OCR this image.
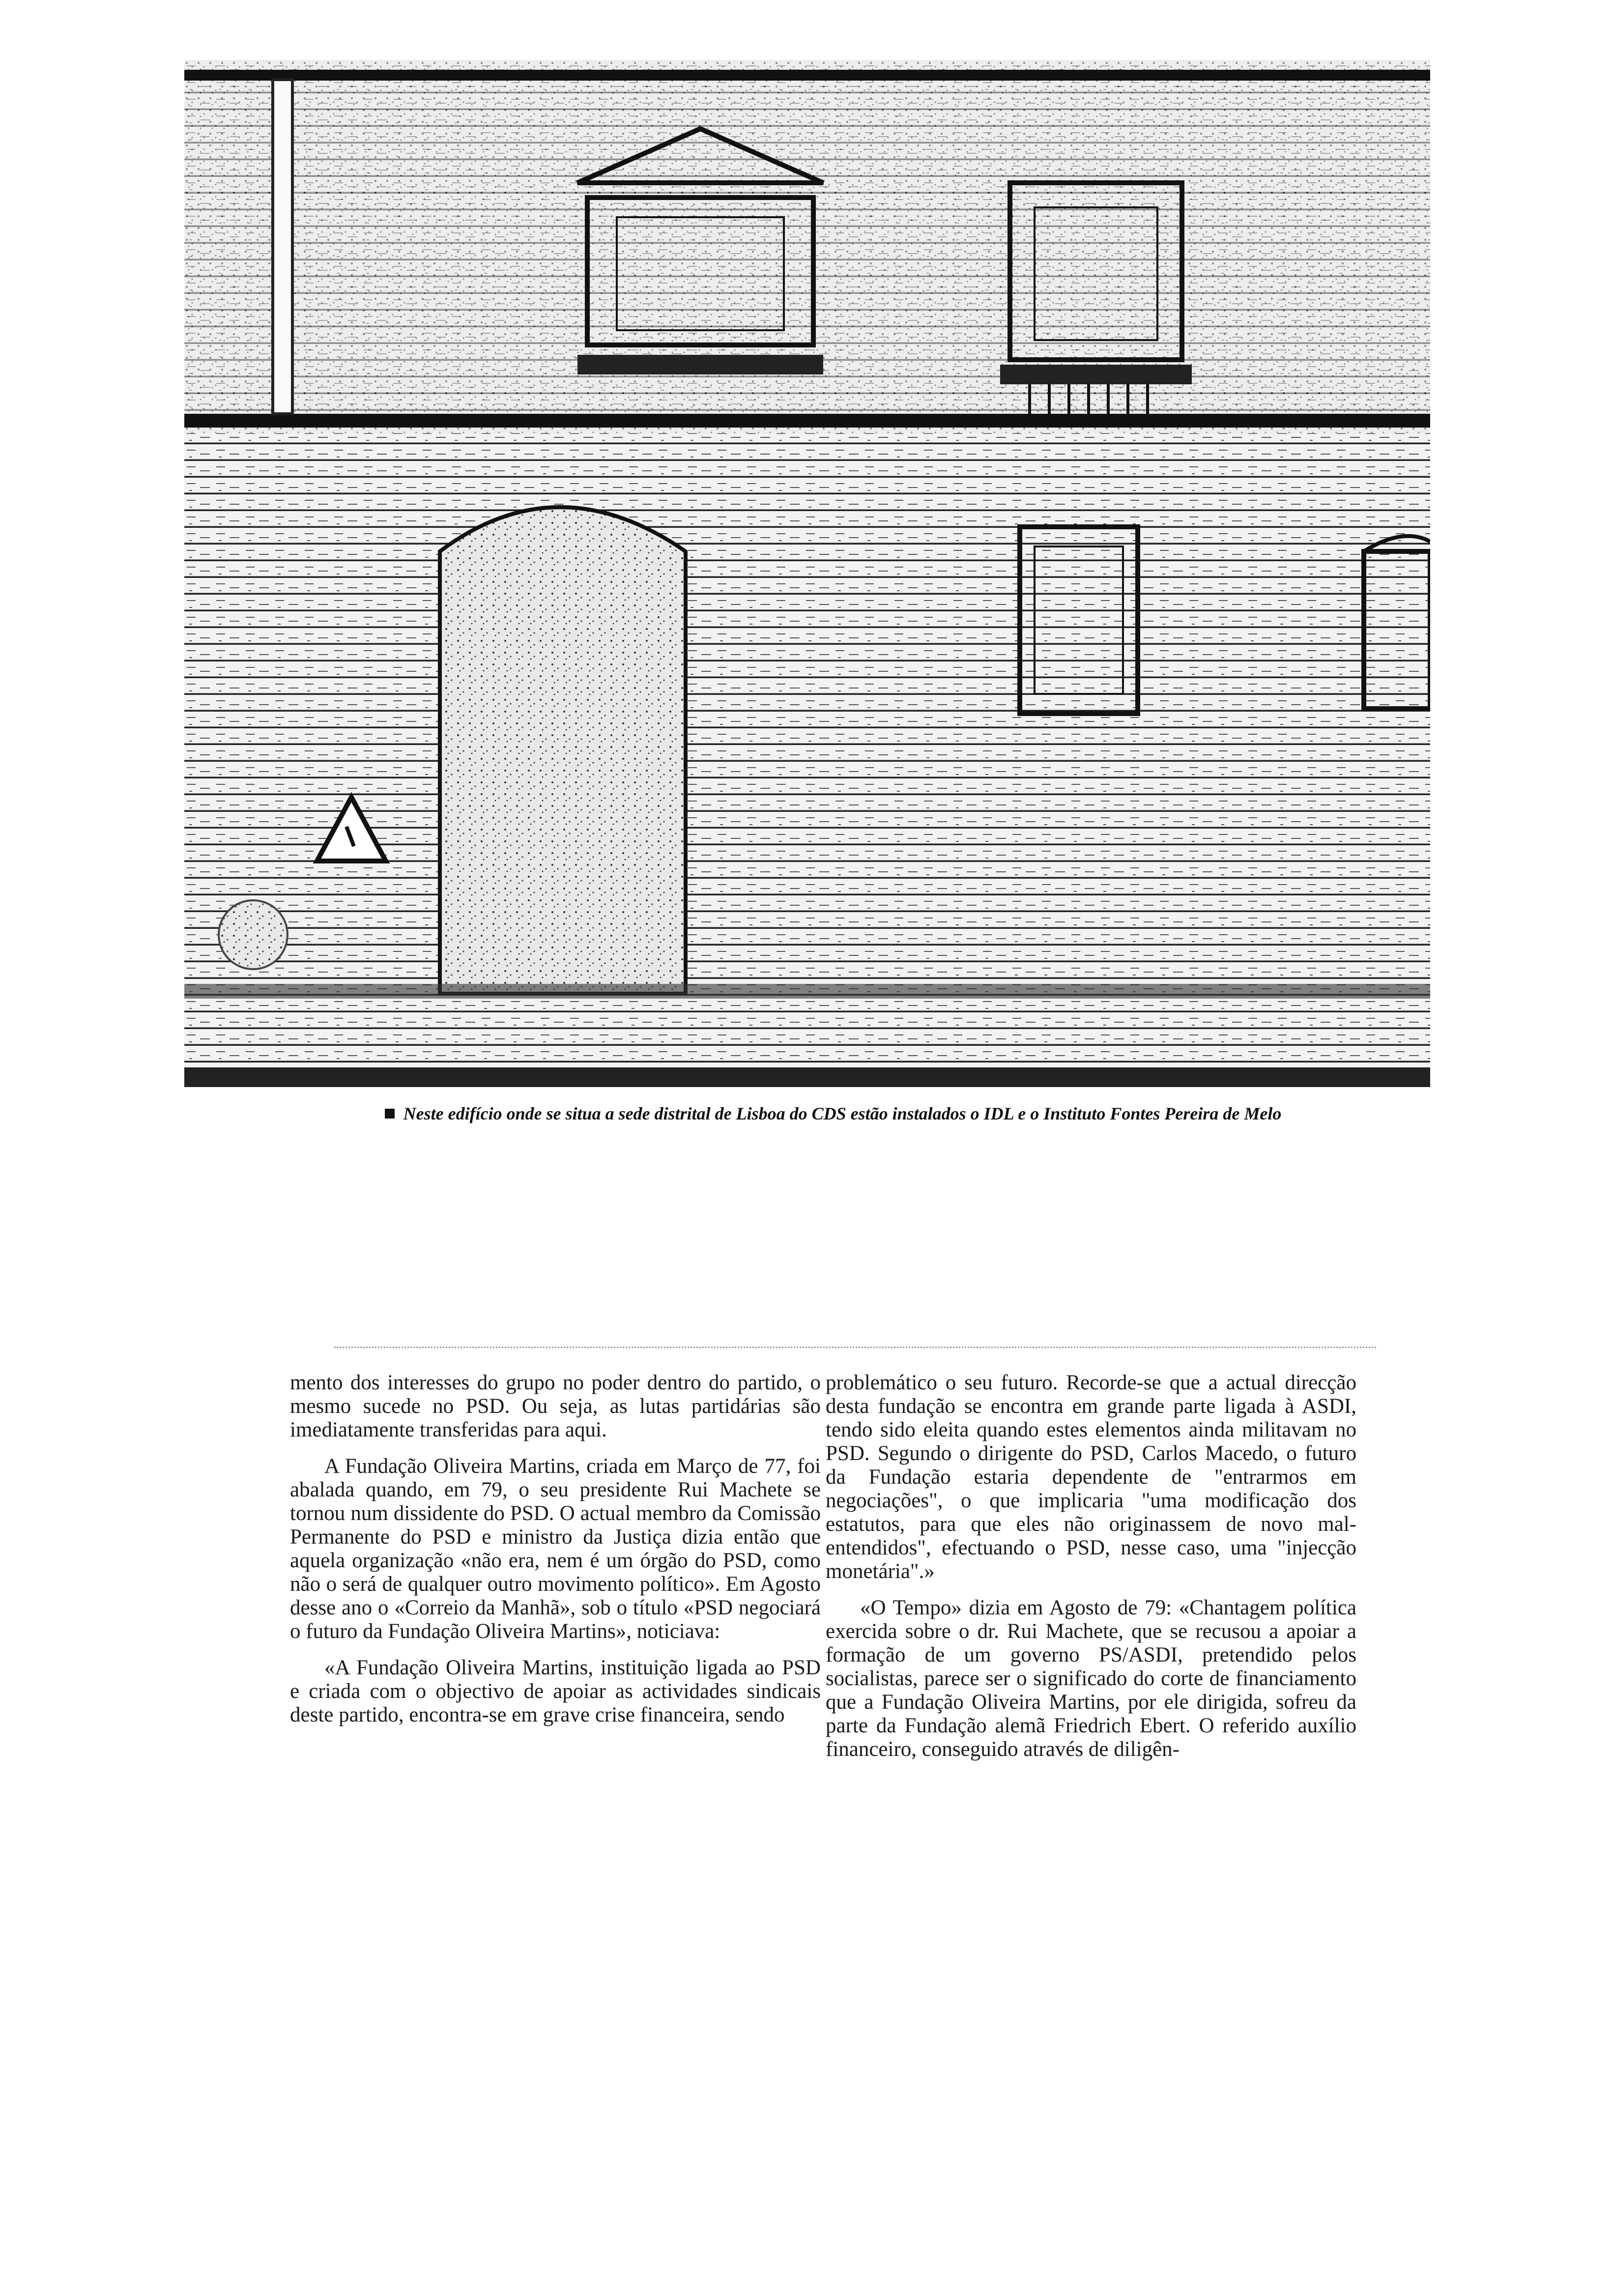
Neste edifício onde se situa a sede distrital de Lisboa do CDS estão instalados o IDL e o Instituto Fontes Pereira de Melo

mento dos interesses do grupo no poder dentro do partido, o mesmo sucede no PSD. Ou seja, as lutas partidárias são imediatamente transferidas para aqui.

A Fundação Oliveira Martins, criada em Março de 77, foi abalada quando, em 79, o seu presidente Rui Machete se tornou num dissidente do PSD. O actual membro da Comissão Permanente do PSD e ministro da Justiça dizia então que aquela organização «não era, nem é um órgão do PSD, como não o será de qualquer outro movimento político». Em Agosto desse ano o «Correio da Manhã», sob o título «PSD negociará o futuro da Fundação Oliveira Martins», noticiava:

«A Fundação Oliveira Martins, instituição ligada ao PSD e criada com o objectivo de apoiar as actividades sindicais deste partido, encontra-se em grave crise financeira, sendo

problemático o seu futuro. Recorde-se que a actual direcção desta fundação se encontra em grande parte ligada à ASDI, tendo sido eleita quando estes elementos ainda militavam no PSD. Segundo o dirigente do PSD, Carlos Macedo, o futuro da Fundação estaria dependente de "entrarmos em negociações", o que implicaria "uma modificação dos estatutos, para que eles não originassem de novo mal-entendidos", efectuando o PSD, nesse caso, uma "injecção monetária".»

«O Tempo» dizia em Agosto de 79: «Chantagem política exercida sobre o dr. Rui Machete, que se recusou a apoiar a formação de um governo PS/ASDI, pretendido pelos socialistas, parece ser o significado do corte de financiamento que a Fundação Oliveira Martins, por ele dirigida, sofreu da parte da Fundação alemã Friedrich Ebert. O referido auxílio financeiro, conseguido através de diligên-
